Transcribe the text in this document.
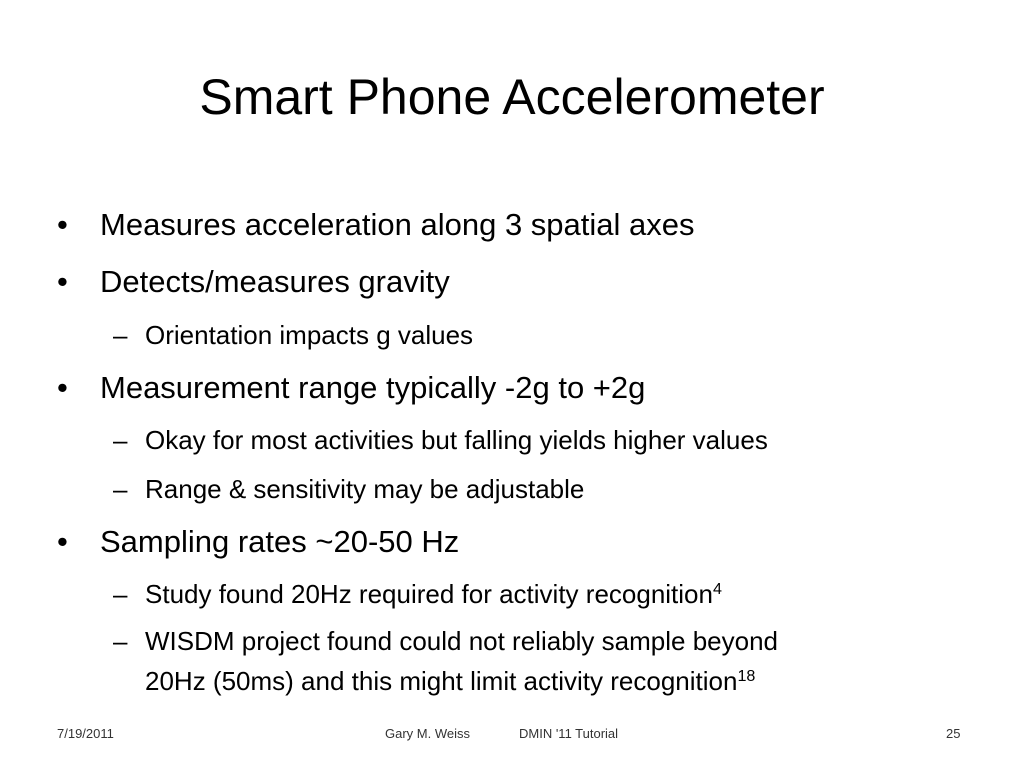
Smart Phone Accelerometer
• Measures acceleration along 3 spatial axes
• Detects/measures gravity
– Orientation impacts g values
• Measurement range typically -2g to +2g
– Okay for most activities but falling yields higher values
– Range & sensitivity may be adjustable
• Sampling rates ~20-50 Hz
– Study found 20Hz required for activity recognition$^4$
– WISDM project found could not reliably sample beyond
20Hz (50ms) and this might limit activity recognition$^{18}$
7/19/2011	Gary M. Weiss	DMIN '11 Tutorial	25
